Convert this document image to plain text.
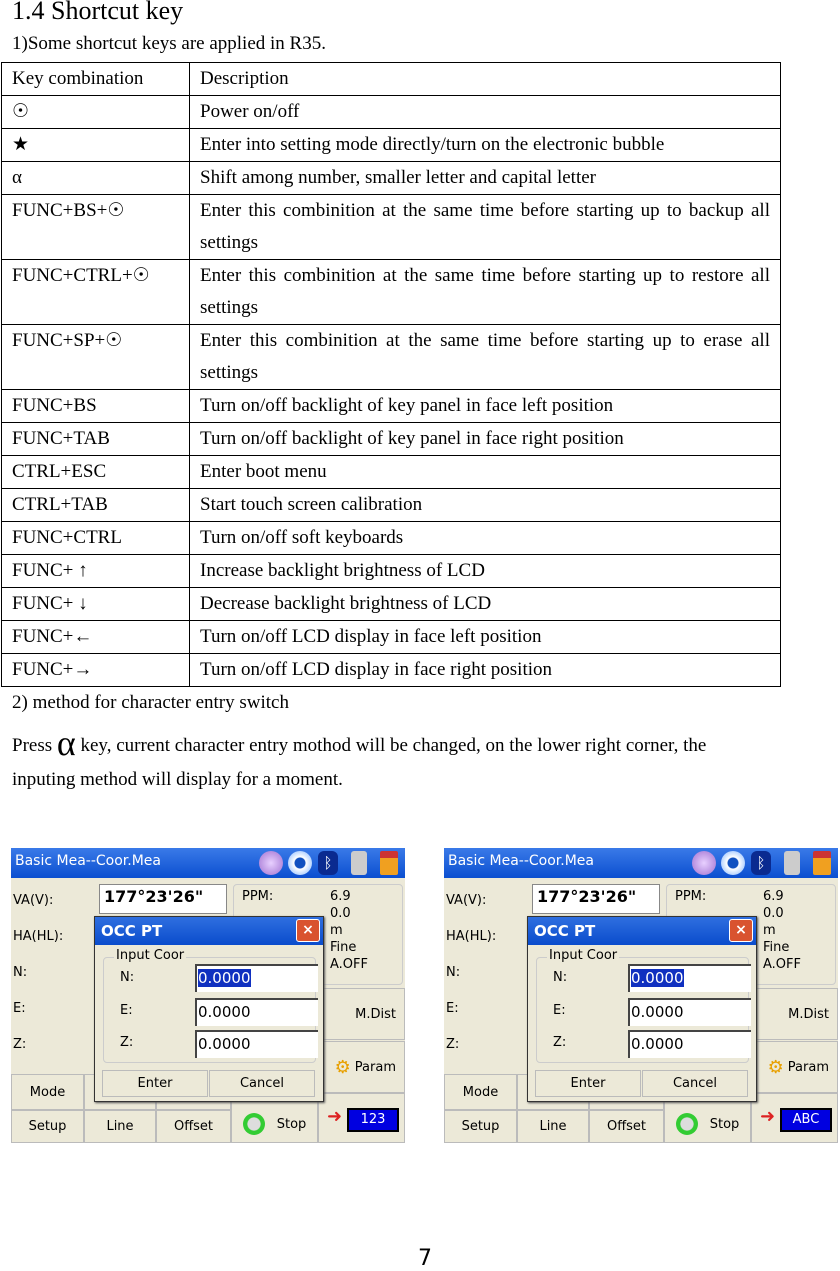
1.4 Shortcut key
1)Some shortcut keys are applied in R35.
Key combination	Description
☉	Power on/off
★	Enter into setting mode directly/turn on the electronic bubble
α	Shift among number, smaller letter and capital letter
FUNC+BS+☉	Enter this combinition at the same time before starting up to backup all settings
FUNC+CTRL+☉	Enter this combinition at the same time before starting up to restore all settings
FUNC+SP+☉	Enter this combinition at the same time before starting up to erase all settings
FUNC+BS	Turn on/off backlight of key panel in face left position
FUNC+TAB	Turn on/off backlight of key panel in face right position
CTRL+ESC	Enter boot menu
CTRL+TAB	Start touch screen calibration
FUNC+CTRL	Turn on/off soft keyboards
FUNC+ ↑	Increase backlight brightness of LCD
FUNC+ ↓	Decrease backlight brightness of LCD
FUNC+←	Turn on/off LCD display in face left position
FUNC+→	Turn on/off LCD display in face right position
2) method for character entry switch
Press α key, current character entry mothod will be changed, on the lower right corner, the
inputing method will display for a moment.
Basic Mea--Coor.Mea	ᛒ
VA(V):
HA(HL):
N:
E:
Z:
177°23'26"	PPM:	6.9
0.0
m
Fine
A.OFF
M.Dist
⚙ Param
Mode
Setup	Line	Offset	Stop ➜	123
OCC PT	×
Input Coor
N:	0.0000
E:	0.0000
Z:	0.0000
Enter	Cancel
Basic Mea--Coor.Mea	ᛒ
VA(V):
HA(HL):
N:
E:
Z:
177°23'26"	PPM:	6.9
0.0
m
Fine
A.OFF
M.Dist
⚙ Param
Mode
Setup	Line	Offset	Stop ➜	ABC
OCC PT	×
Input Coor
N:	0.0000
E:	0.0000
Z:	0.0000
Enter	Cancel
7
